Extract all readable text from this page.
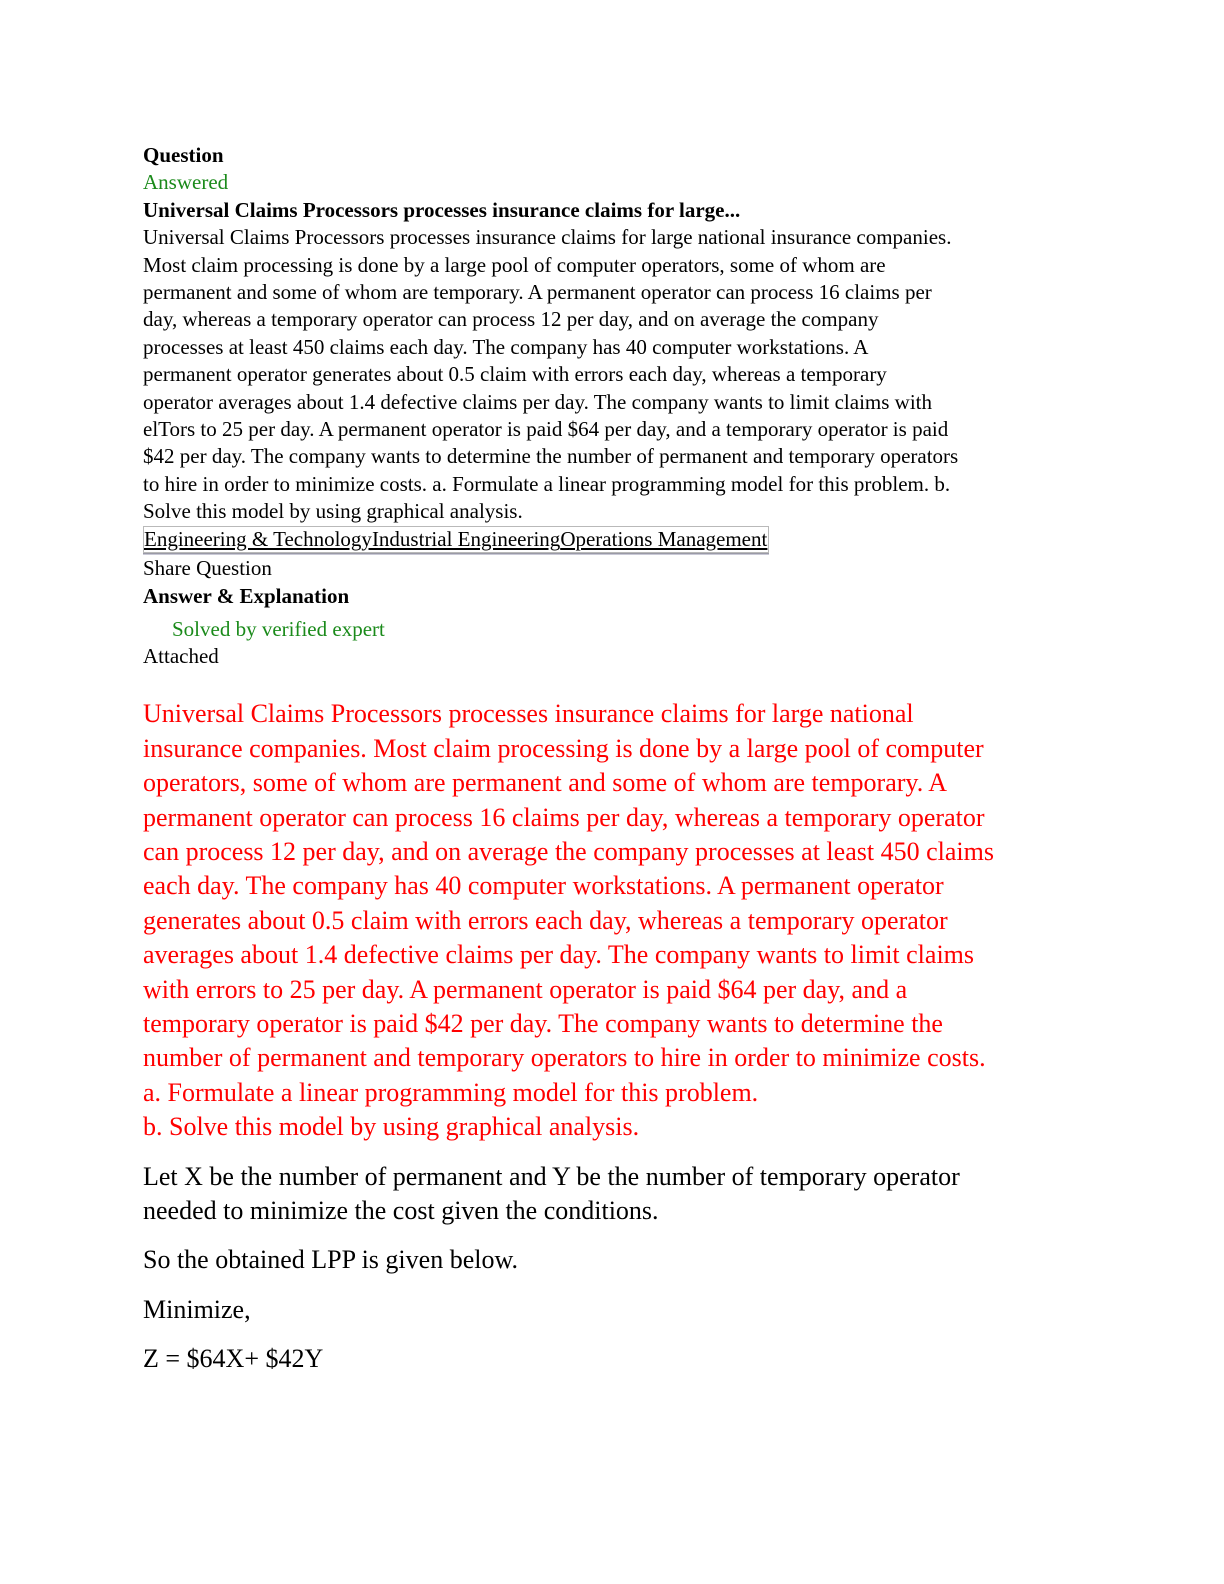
Question
Answered
Universal Claims Processors processes insurance claims for large...
Universal Claims Processors processes insurance claims for large national insurance companies.
Most claim processing is done by a large pool of computer operators, some of whom are
permanent and some of whom are temporary. A permanent operator can process 16 claims per
day, whereas a temporary operator can process 12 per day, and on average the company
processes at least 450 claims each day. The company has 40 computer workstations. A
permanent operator generates about 0.5 claim with errors each day, whereas a temporary
operator averages about 1.4 defective claims per day. The company wants to limit claims with
elTors to 25 per day. A permanent operator is paid $64 per day, and a temporary operator is paid
$42 per day. The company wants to determine the number of permanent and temporary operators
to hire in order to minimize costs. a. Formulate a linear programming model for this problem. b.
Solve this model by using graphical analysis.
Engineering & TechnologyIndustrial EngineeringOperations Management
Share Question
Answer & Explanation
Solved by verified expert
Attached
Universal Claims Processors processes insurance claims for large national
insurance companies. Most claim processing is done by a large pool of computer
operators, some of whom are permanent and some of whom are temporary. A
permanent operator can process 16 claims per day, whereas a temporary operator
can process 12 per day, and on average the company processes at least 450 claims
each day. The company has 40 computer workstations. A permanent operator
generates about 0.5 claim with errors each day, whereas a temporary operator
averages about 1.4 defective claims per day. The company wants to limit claims
with errors to 25 per day. A permanent operator is paid $64 per day, and a
temporary operator is paid $42 per day. The company wants to determine the
number of permanent and temporary operators to hire in order to minimize costs.
a. Formulate a linear programming model for this problem.
b. Solve this model by using graphical analysis.
Let X be the number of permanent and Y be the number of temporary operator
needed to minimize the cost given the conditions.
So the obtained LPP is given below.
Minimize,
Z = $64X+ $42Y
